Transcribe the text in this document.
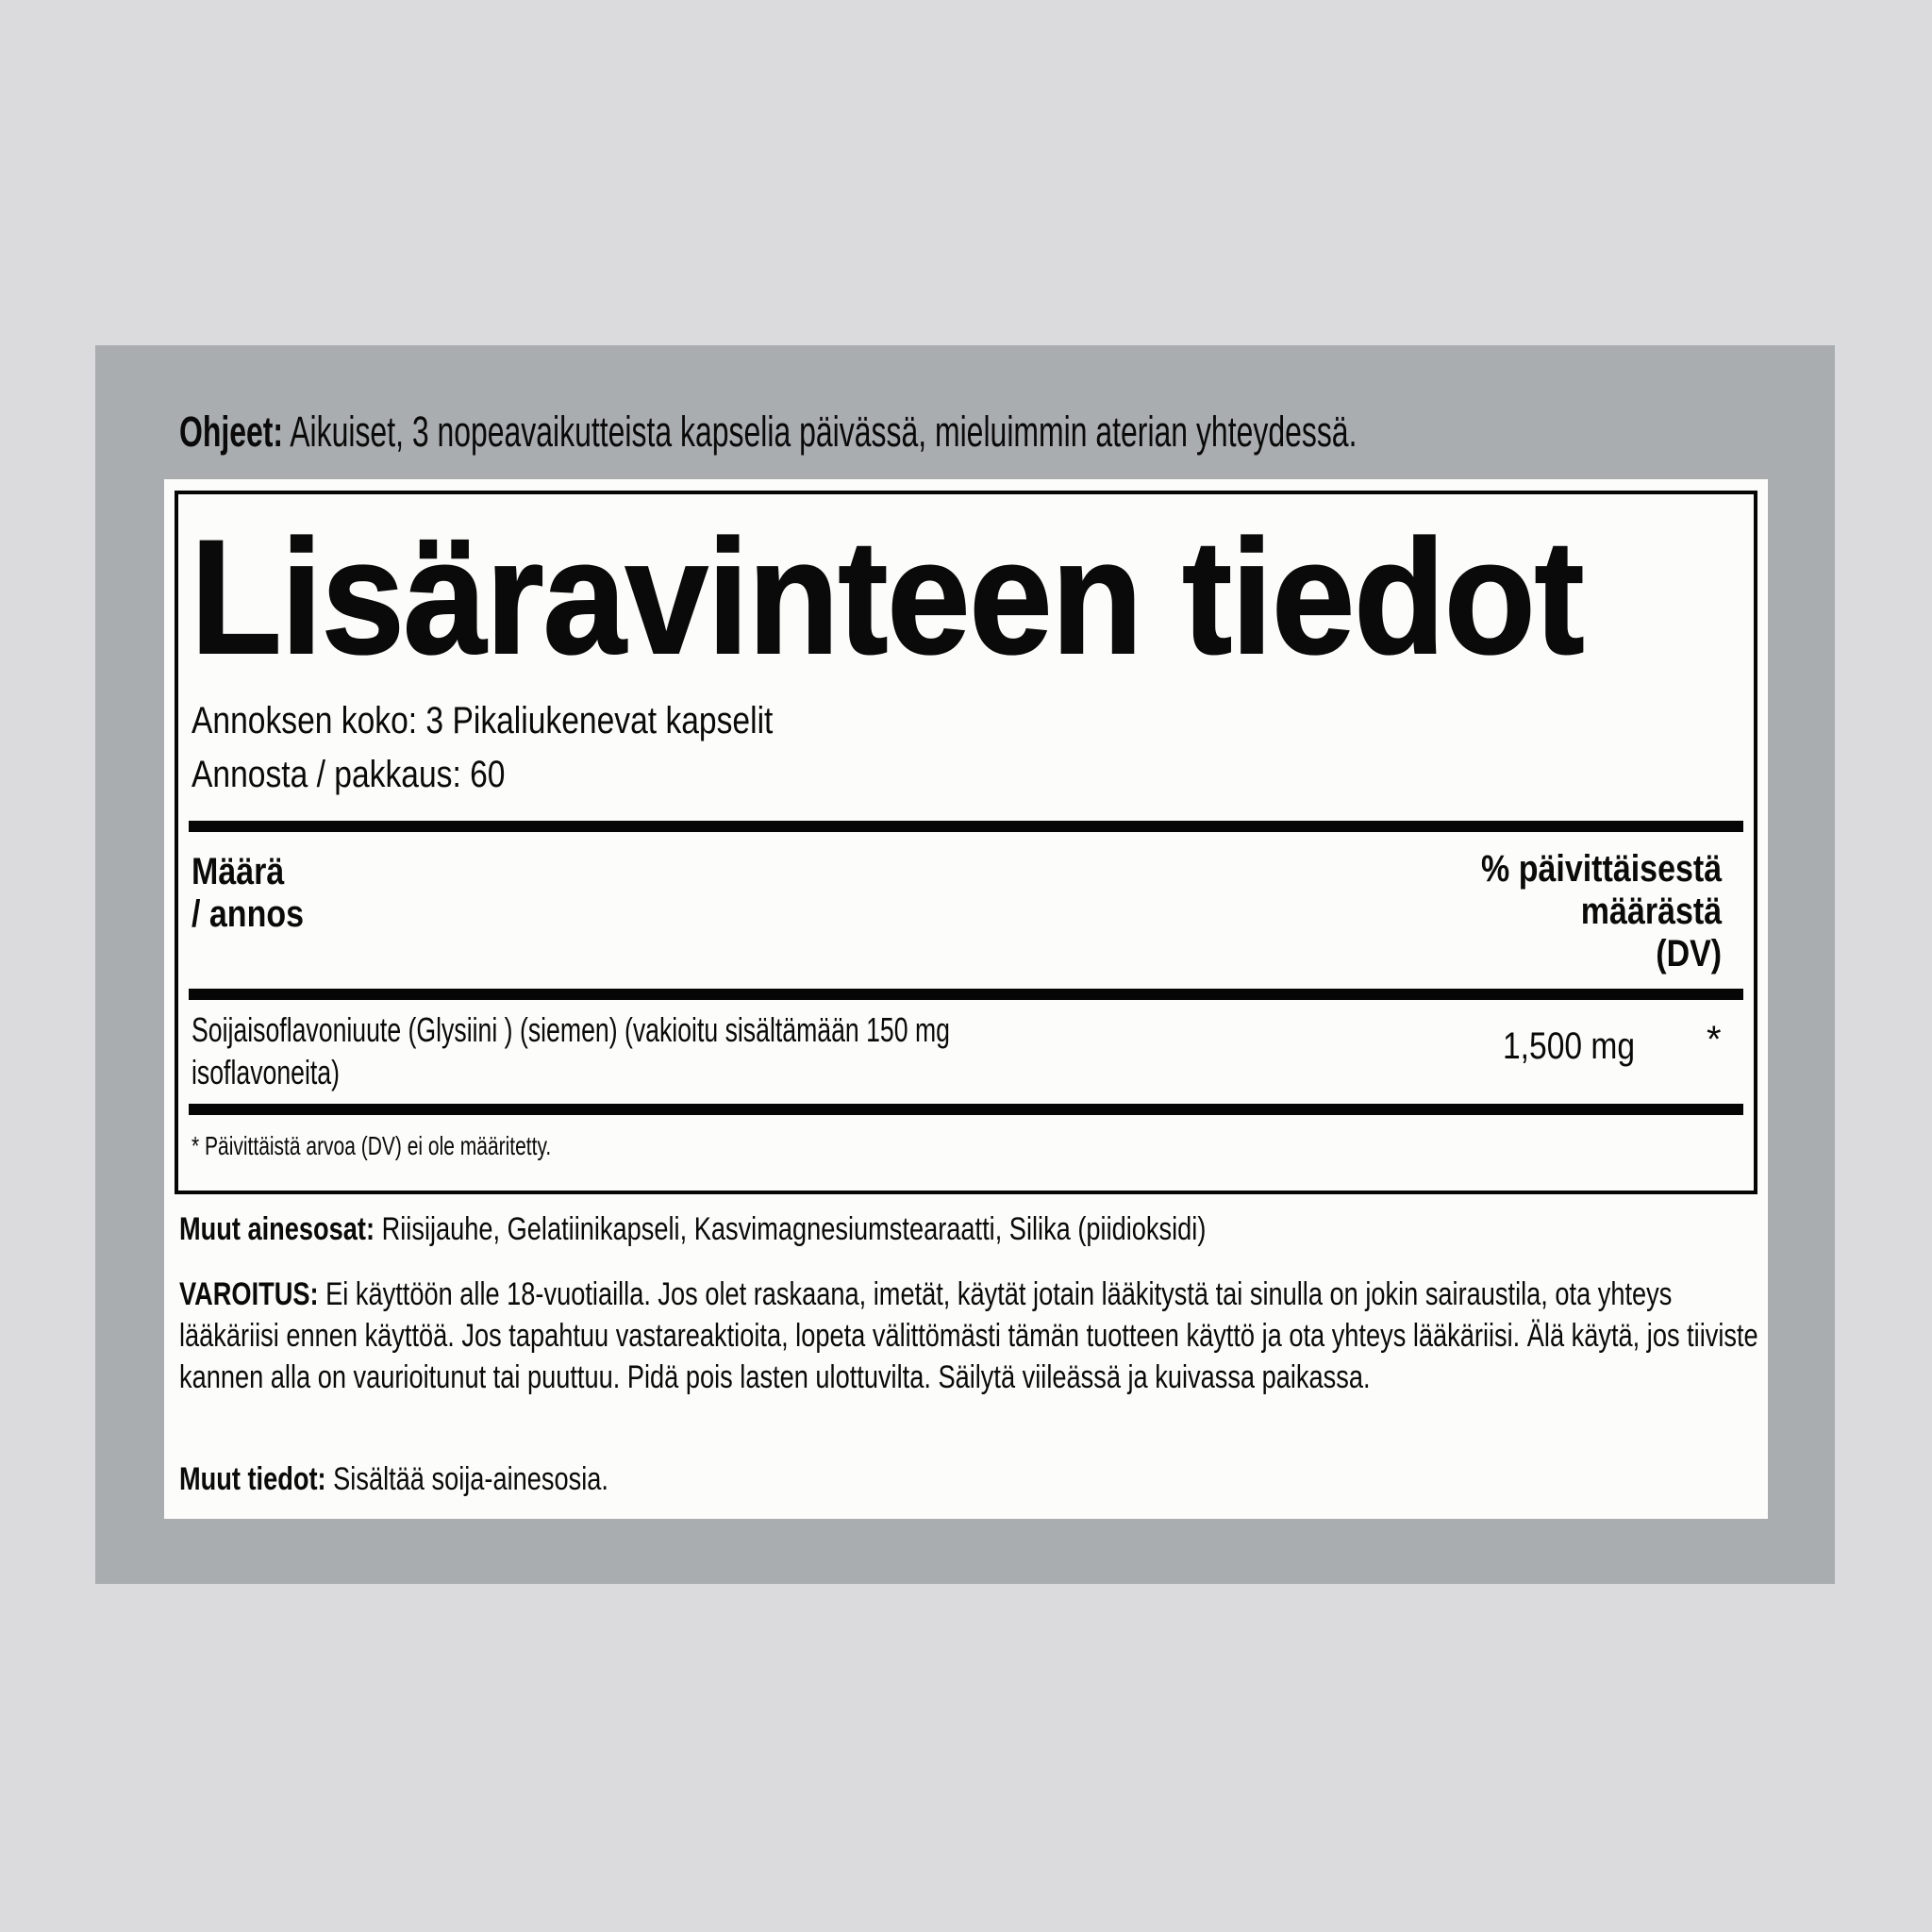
Ohjeet: Aikuiset, 3 nopeavaikutteista kapselia päivässä, mieluimmin aterian yhteydessä.
Lisäravinteen tiedot
Annoksen koko: 3 Pikaliukenevat kapselit
Annosta / pakkaus: 60
Määrä
/ annos
% päivittäisestä
määrästä
(DV)
Soijaisoflavoniuute (Glysiini ) (siemen) (vakioitu sisältämään 150 mg isoflavoneita)
1,500 mg *
* Päivittäistä arvoa (DV) ei ole määritetty.
Muut ainesosat: Riisijauhe, Gelatiinikapseli, Kasvimagnesiumstearaatti, Silika (piidioksidi)
VAROITUS: Ei käyttöön alle 18-vuotiailla. Jos olet raskaana, imetät, käytät jotain lääkitystä tai sinulla on jokin sairaustila, ota yhteys lääkäriisi ennen käyttöä. Jos tapahtuu vastareaktioita, lopeta välittömästi tämän tuotteen käyttö ja ota yhteys lääkäriisi. Älä käytä, jos tiiviste kannen alla on vaurioitunut tai puuttuu. Pidä pois lasten ulottuvilta. Säilytä viileässä ja kuivassa paikassa.
Muut tiedot: Sisältää soija-ainesosia.
